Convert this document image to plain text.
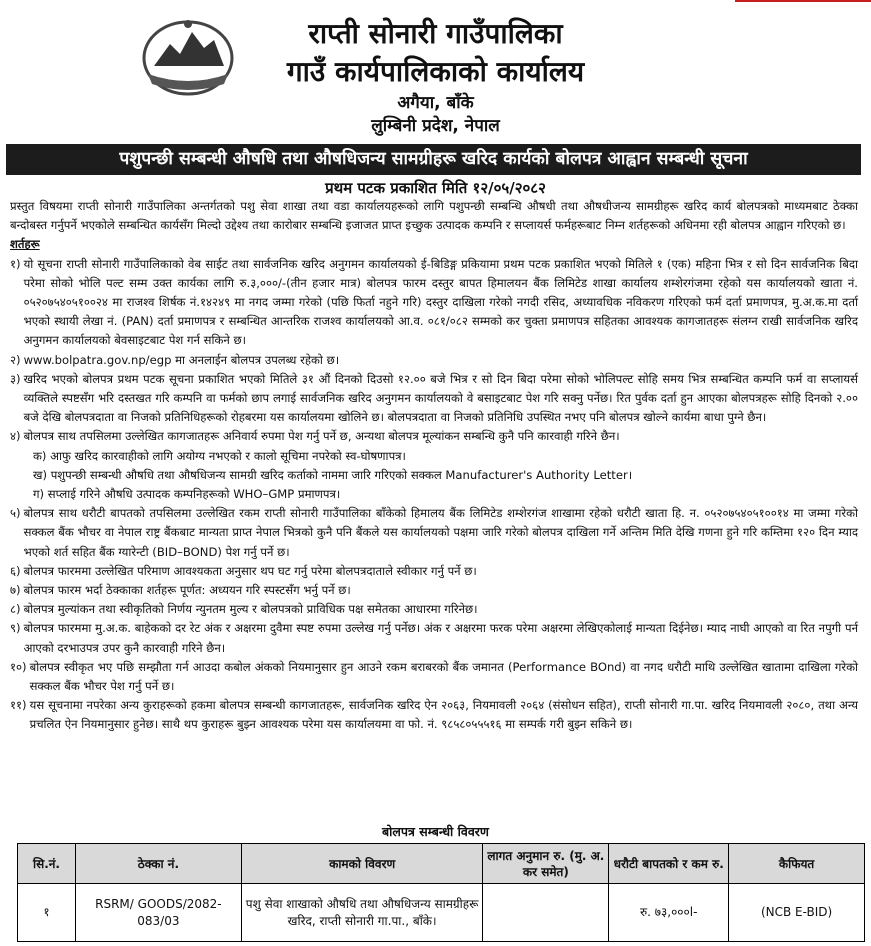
राप्ती सोनारी गाउँपालिका
गाउँ कार्यपालिकाको कार्यालय
अगैया, बाँके
लुम्बिनी प्रदेश, नेपाल
पशुपन्छी सम्बन्धी औषधि तथा औषधिजन्य सामग्रीहरू खरिद कार्यको बोलपत्र आह्वान सम्बन्धी सूचना
प्रथम पटक प्रकाशित मिति १२/०५/२०८२

प्रस्तुत विषयमा राप्ती सोनारी गाउँपालिका अन्तर्गतको पशु सेवा शाखा तथा वडा कार्यालयहरूको लागि पशुपन्छी सम्बन्धि औषधी तथा औषधीजन्य सामग्रीहरू खरिद कार्य बोलपत्रको माध्यमबाट ठेक्का बन्दोबस्त गर्नुपर्ने भएकोले सम्बन्धित कार्यसँग मिल्दो उद्देश्य तथा कारोबार सम्बन्धि इजाजत प्राप्त इच्छुक उत्पादक कम्पनि र सप्लायर्स फर्महरूबाट निम्न शर्तहरूको अधिनमा रही बोलपत्र आह्वान गरिएको छ।

शर्तहरू

१) यो सूचना राप्ती सोनारी गाउँपालिकाको वेब साईट तथा सार्वजनिक खरिद अनुगमन कार्यालयको ई-बिडिङ्ग प्रकियामा प्रथम पटक प्रकाशित भएको मितिले १ (एक) महिना भित्र र सो दिन सार्वजनिक बिदा परेमा सोको भोलि पल्ट सम्म उक्त कार्यका लागि रु.३,०००/-(तीन हजार मात्र) बोलपत्र फारम दस्तुर बापत हिमालयन बैंक लिमिटेड शाखा कार्यालय शम्शेरगंजमा रहेको यस कार्यालयको खाता नं. ०५२०७५४०५१००२४ मा राजश्व शिर्षक नं.१४२४९ मा नगद जम्मा गरेको (पछि फिर्ता नहुने गरि) दस्तुर दाखिला गरेको नगदी रसिद, अध्यावधिक नविकरण गरिएको फर्म दर्ता प्रमाणपत्र, मु.अ.क.मा दर्ता भएको स्थायी लेखा नं. (PAN) दर्ता प्रमाणपत्र र सम्बन्धित आन्तरिक राजश्व कार्यालयको आ.व. ०८१/०८२ सम्मको कर चुक्ता प्रमाणपत्र सहितका आवश्यक कागजातहरू संलग्न राखी सार्वजनिक खरिद अनुगमन कार्यालयको बेवसाइटबाट पेश गर्न सकिने छ।
२) www.bolpatra.gov.np/egp मा अनलाईन बोलपत्र उपलब्ध रहेको छ।
३) खरिद भएको बोलपत्र प्रथम पटक सूचना प्रकाशित भएको मितिले ३१ औं दिनको दिउसो १२.०० बजे भित्र र सो दिन बिदा परेमा सोको भोलिपल्ट सोहि समय भित्र सम्बन्धित कम्पनि फर्म वा सप्लायर्स व्यक्तिले स्पष्टसँग भरि दस्तखत गरि कम्पनि वा फर्मको छाप लगाई सार्वजनिक खरिद अनुगमन कार्यालयको वे बसाइटबाट पेश गरि सक्नु पर्नेछ। रित पुर्वक दर्ता हुन आएका बोलपत्रहरू सोहि दिनको २.०० बजे देखि बोलपत्रदाता वा निजको प्रतिनिधिहरूको रोहबरमा यस कार्यालयमा खोलिने छ। बोलपत्रदाता वा निजको प्रतिनिधि उपस्थित नभए पनि बोलपत्र खोल्ने कार्यमा बाधा पुग्ने छैन।
४) बोलपत्र साथ तपसिलमा उल्लेखित कागजातहरू अनिवार्य रुपमा पेश गर्नु पर्ने छ, अन्यथा बोलपत्र मूल्यांकन सम्बन्धि कुनै पनि कारवाही गरिने छैन।

क) आफु खरिद कारवाहीको लागि अयोग्य नभएको र कालो सूचिमा नपरेको स्व-घोषणापत्र।

ख) पशुपन्छी सम्बन्धी औषधि तथा औषधिजन्य सामग्री खरिद कर्ताको नाममा जारि गरिएको सक्कल Manufacturer's Authority Letter।

ग) सप्लाई गरिने औषधि उत्पादक कम्पनिहरूको WHO–GMP प्रमाणपत्र।

५) बोलपत्र साथ धरौटी बापतको तपसिलमा उल्लेखित रकम राप्ती सोनारी गाउँपालिका बाँकेको हिमालय बैंक लिमिटेड शम्शेरगंज शाखामा रहेको धरौटी खाता हि. न. ०५२०७५४०५१००१४ मा जम्मा गरेको सक्कल बैंक भौचर वा नेपाल राष्ट्र बैंकबाट मान्यता प्राप्त नेपाल भित्रको कुनै पनि बैंकले यस कार्यालयको पक्षमा जारि गरेको बोलपत्र दाखिला गर्ने अन्तिम मिति देखि गणना हुने गरि कम्तिमा १२० दिन म्याद भएको शर्त सहित बैंक ग्यारेन्टी (BID–BOND) पेश गर्नु पर्ने छ।
६) बोलपत्र फारममा उल्लेखित परिमाण आवश्यकता अनुसार थप घट गर्नु परेमा बोलपत्रदाताले स्वीकार गर्नु पर्ने छ।
७) बोलपत्र फारम भर्दा ठेक्काका शर्तहरू पूर्णत: अध्ययन गरि स्पस्टसँग भर्नु पर्ने छ।
८) बोलपत्र मुल्यांकन तथा स्वीकृतिको निर्णय न्युनतम मुल्य र बोलपत्रको प्राविधिक पक्ष समेतका आधारमा गरिनेछ।
९) बोलपत्र फारममा मु.अ.क. बाहेकको दर रेट अंक र अक्षरमा दुवैमा स्पष्ट रुपमा उल्लेख गर्नु पर्नेछ। अंक र अक्षरमा फरक परेमा अक्षरमा लेखिएकोलाई मान्यता दिईनेछ। म्याद नाघी आएको वा रित नपुगी पर्न आएको दरभाउपत्र उपर कुनै कारवाही गरिने छैन।
१०) बोलपत्र स्वीकृत भए पछि सम्झौता गर्न आउदा कबोल अंकको नियमानुसार हुन आउने रकम बराबरको बैंक जमानत (Performance BOnd) वा नगद धरौटी माथि उल्लेखित खातामा दाखिला गरेको सक्कल बैंक भौचर पेश गर्नु पर्ने छ।
११) यस सूचनामा नपरेका अन्य कुराहरूको हकमा बोलपत्र सम्बन्धी कागजातहरू, सार्वजनिक खरिद ऐन २०६३, नियमावली २०६४ (संसोधन सहित), राप्ती सोनारी गा.पा. खरिद नियमावली २०८०, तथा अन्य प्रचलित ऐन नियमानुसार हुनेछ। साथै थप कुराहरू बुझ्न आवश्यक परेमा यस कार्यालयमा वा फो. नं. ९८५८०५५५१६ मा सम्पर्क गरी बुझ्न सकिने छ।
बोलपत्र सम्बन्धी विवरण
सि.नं.	ठेक्का नं.	कामको विवरण	लागत अनुमान रु. (मु. अ. कर समेत)	धरौटी बापतको र कम रु.	कैफियत
१	RSRM/ GOODS/2082-083/03	पशु सेवा शाखाको औषधि तथा औषधिजन्य सामग्रीहरू खरिद, राप्ती सोनारी गा.पा., बाँके।		रु. ७३,०००l-	(NCB E-BID)
